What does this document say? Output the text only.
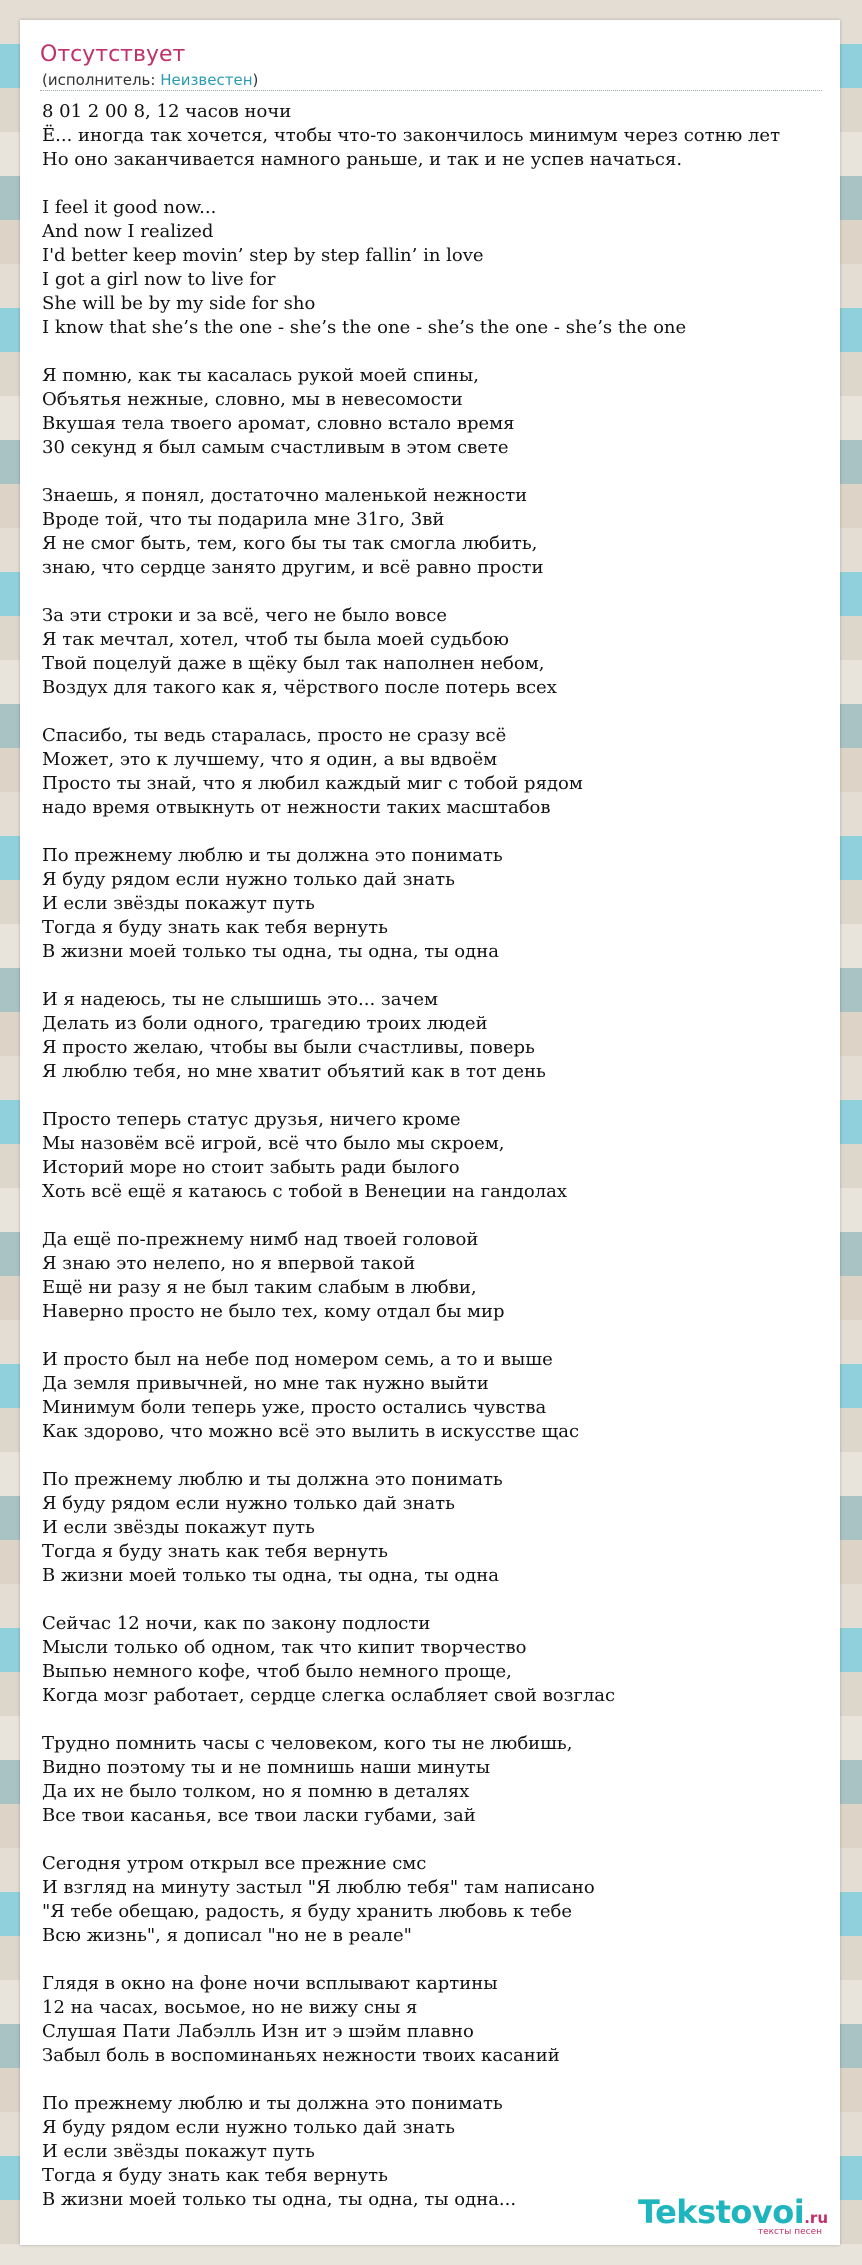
Отсутствует
(исполнитель: Неизвестен)
8 01 2 00 8, 12 часов ночи
Ё... иногда так хочется, чтобы что-то закончилось минимум через сотню лет
Но оно заканчивается намного раньше, и так и не успев начаться.

I feel it good now...
And now I realized
I'd better keep movin’ step by step fallin’ in love
I got a girl now to live for
She will be by my side for sho
I know that she’s the one - she’s the one - she’s the one - she’s the one

Я помню, как ты касалась рукой моей спины,
Объятья нежные, словно, мы в невесомости
Вкушая тела твоего аромат, словно встало время
30 секунд я был самым счастливым в этом свете

Знаешь, я понял, достаточно маленькой нежности
Вроде той, что ты подарила мне 31го, 3вй
Я не смог быть, тем, кого бы ты так смогла любить,
знаю, что сердце занято другим, и всё равно прости

За эти строки и за всё, чего не было вовсе
Я так мечтал, хотел, чтоб ты была моей судьбою
Твой поцелуй даже в щёку был так наполнен небом,
Воздух для такого как я, чёрствого после потерь всех

Спасибо, ты ведь старалась, просто не сразу всё
Может, это к лучшему, что я один, а вы вдвоём
Просто ты знай, что я любил каждый миг с тобой рядом
надо время отвыкнуть от нежности таких масштабов

По прежнему люблю и ты должна это понимать
Я буду рядом если нужно только дай знать
И если звёзды покажут путь
Тогда я буду знать как тебя вернуть
В жизни моей только ты одна, ты одна, ты одна

И я надеюсь, ты не слышишь это... зачем
Делать из боли одного, трагедию троих людей
Я просто желаю, чтобы вы были счастливы, поверь
Я люблю тебя, но мне хватит объятий как в тот день

Просто теперь статус друзья, ничего кроме
Мы назовём всё игрой, всё что было мы скроем,
Историй море но стоит забыть ради былого
Хоть всё ещё я катаюсь с тобой в Венеции на гандолах

Да ещё по-прежнему нимб над твоей головой
Я знаю это нелепо, но я впервой такой
Ещё ни разу я не был таким слабым в любви,
Наверно просто не было тех, кому отдал бы мир

И просто был на небе под номером семь, а то и выше
Да земля привычней, но мне так нужно выйти
Минимум боли теперь уже, просто остались чувства
Как здорово, что можно всё это вылить в искусстве щас

По прежнему люблю и ты должна это понимать
Я буду рядом если нужно только дай знать
И если звёзды покажут путь
Тогда я буду знать как тебя вернуть
В жизни моей только ты одна, ты одна, ты одна

Сейчас 12 ночи, как по закону подлости
Мысли только об одном, так что кипит творчество
Выпью немного кофе, чтоб было немного проще,
Когда мозг работает, сердце слегка ослабляет свой возглас

Трудно помнить часы с человеком, кого ты не любишь,
Видно поэтому ты и не помнишь наши минуты
Да их не было толком, но я помню в деталях
Все твои касанья, все твои ласки губами, зай

Сегодня утром открыл все прежние смс
И взгляд на минуту застыл "Я люблю тебя" там написано
"Я тебе обещаю, радость, я буду хранить любовь к тебе
Всю жизнь", я дописал "но не в реале"

Глядя в окно на фоне ночи всплывают картины
12 на часах, восьмое, но не вижу сны я
Слушая Пати Лабэлль Изн ит э шэйм плавно
Забыл боль в воспоминаньях нежности твоих касаний

По прежнему люблю и ты должна это понимать
Я буду рядом если нужно только дай знать
И если звёзды покажут путь
Тогда я буду знать как тебя вернуть
В жизни моей только ты одна, ты одна, ты одна...	Tekstovoi.ru
тексты песен
